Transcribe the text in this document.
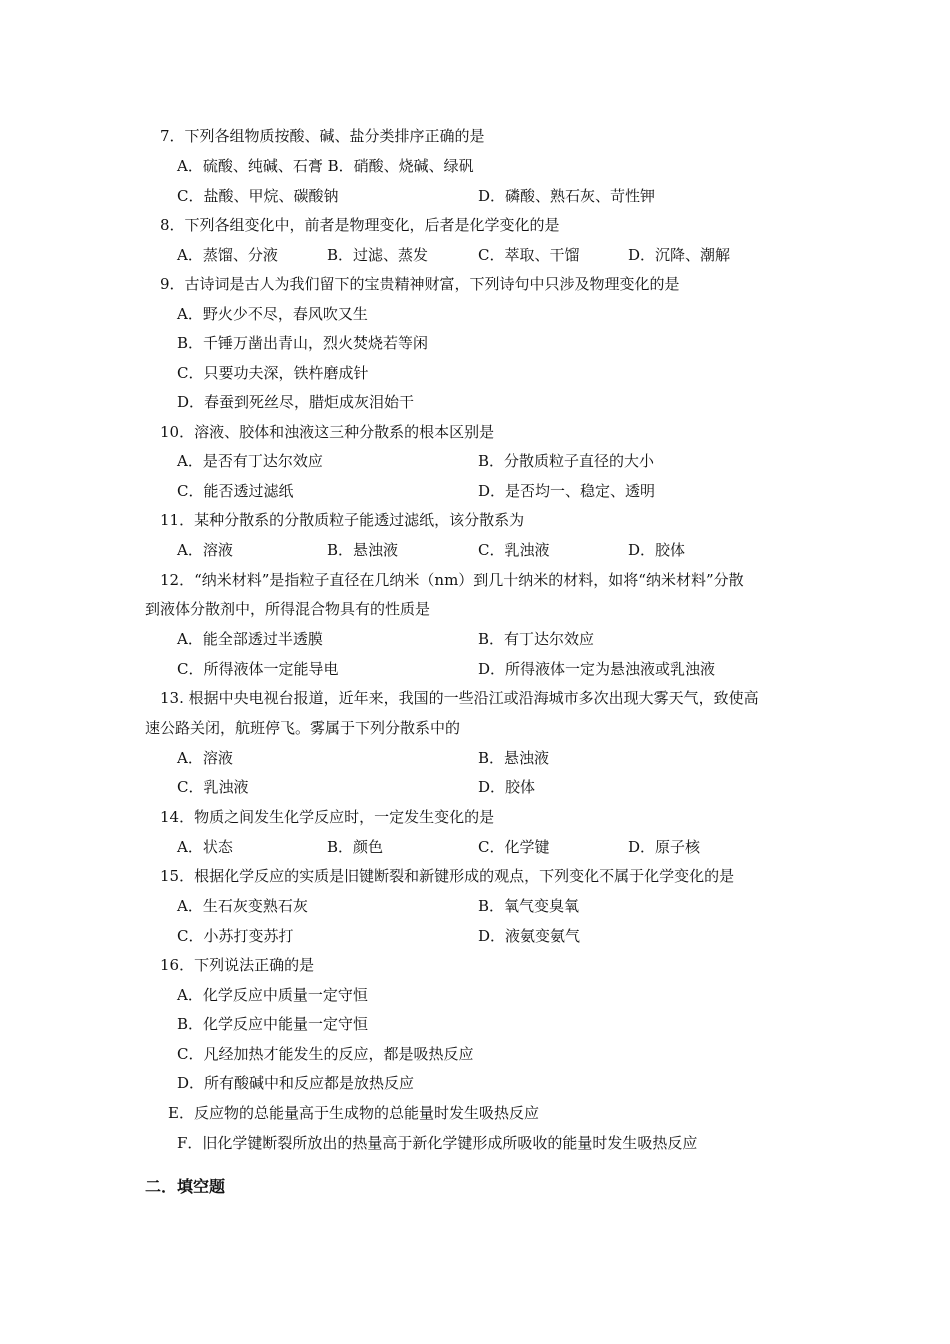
7．下列各组物质按酸、碱、盐分类排序正确的是
A．硫酸、纯碱、石膏 B．硝酸、烧碱、绿矾
C．盐酸、甲烷、碳酸钠	D．磷酸、熟石灰、苛性钾
8．下列各组变化中，前者是物理变化，后者是化学变化的是
A．蒸馏、分液	B．过滤、蒸发	C．萃取、干馏	D．沉降、潮解
9．古诗词是古人为我们留下的宝贵精神财富，下列诗句中只涉及物理变化的是
A．野火少不尽，春风吹又生
B．千锤万凿出青山，烈火焚烧若等闲
C．只要功夫深，铁杵磨成针
D．春蚕到死丝尽，腊炬成灰泪始干
10．溶液、胶体和浊液这三种分散系的根本区别是
A．是否有丁达尔效应	B．分散质粒子直径的大小
C．能否透过滤纸	D．是否均一、稳定、透明
11．某种分散系的分散质粒子能透过滤纸，该分散系为
A．溶液	B．悬浊液	C．乳浊液	D．胶体
12．“纳米材料”是指粒子直径在几纳米（nm）到几十纳米的材料，如将“纳米材料”分散
到液体分散剂中，所得混合物具有的性质是
A．能全部透过半透膜	B．有丁达尔效应
C．所得液体一定能导电	D．所得液体一定为悬浊液或乳浊液
13. 根据中央电视台报道，近年来，我国的一些沿江或沿海城市多次出现大雾天气，致使高
速公路关闭，航班停飞。雾属于下列分散系中的
A．溶液	B．悬浊液
C．乳浊液	D．胶体
14．物质之间发生化学反应时，一定发生变化的是
A．状态	B．颜色	C．化学键	D．原子核
15．根据化学反应的实质是旧键断裂和新键形成的观点，下列变化不属于化学变化的是
A．生石灰变熟石灰	B．氧气变臭氧
C．小苏打变苏打	D．液氨变氨气
16．下列说法正确的是
A．化学反应中质量一定守恒
B．化学反应中能量一定守恒
C．凡经加热才能发生的反应，都是吸热反应
D．所有酸碱中和反应都是放热反应
E．反应物的总能量高于生成物的总能量时发生吸热反应
F．旧化学键断裂所放出的热量高于新化学键形成所吸收的能量时发生吸热反应
二．填空题
